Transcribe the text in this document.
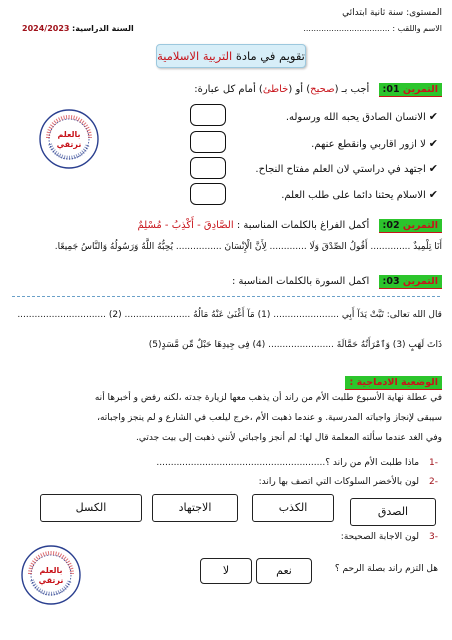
المستوى: سنة ثانية ابتدائي
الاسم واللقب : ..................................
السنة الدراسية: 2024/2023
تقويم في مادة التربية الاسلامية
بالعلم
نرتقي
التمرين 01: أجب بـ (صحيح) أو (خاطئ) أمام كل عبارة:
✔الانسان الصادق يحبه الله ورسوله.
✔لا ازور اقاربي وانقطع عنهم.
✔اجتهد في دراستي لان العلم مفتاح النجاح.
✔الاسلام يحثنا دائما على طلب العلم.
التمرين 02: أكمل الفراغ بالكلمات المناسبة : الصَّادِقَ - أَكْذِبُ - مُسْلِمٌ
أَنَا تِلْمِيذٌ .............. أَقُولُ الصِّدْقَ وَلَا ............. لِأَنَّ الْإِنْسَانَ ................ يُحِبُّهُ اللَّهُ وَرَسُولُهُ وَالنَّاسُ جَمِيعًا.
التمرين 03: اكمل السورة بالكلمات المناسبة :
قال الله تعالى: تَبَّتْ يَدَآ أَبِي ....................... (1) مَآ أَغْنَىٰ عَنْهُ مَالُهُ ....................... (2) ...............................
ذَاتَ لَهَبٍ (3) وَٱمْرَأَتُهُ حَمَّالَةَ ....................... (4) فِى جِيدِهَا حَبْلٌ مِّن مَّسَدٍ(5)
الوضعية الادماجية :
في عطلة نهاية الأسبوع طلبت الأم من راند أن يذهب معها لزيارة جدته ،لكنه رفض و أخبرها أنه
سيبقى لإنجاز واجباته المدرسية. و عندما ذهبت الأم ،خرج ليلعب في الشارع و لم ينجز واجباته،
وفي الغد عندما سألته المعلمة قال لها: لم أنجز واجباتي لأنني ذهبت إلى بيت جدتي.
-1ماذا طلبت الأم من راند ؟...........................................................
-2لون بالأخضر السلوكات التي اتصف بها راند:
الصدق
الكذب
الاجتهاد
الكسل
-3لون الاجابة الصحيحة:
هل التزم راند بصلة الرحم ؟
نعم
لا
بالعلم
نرتقي
